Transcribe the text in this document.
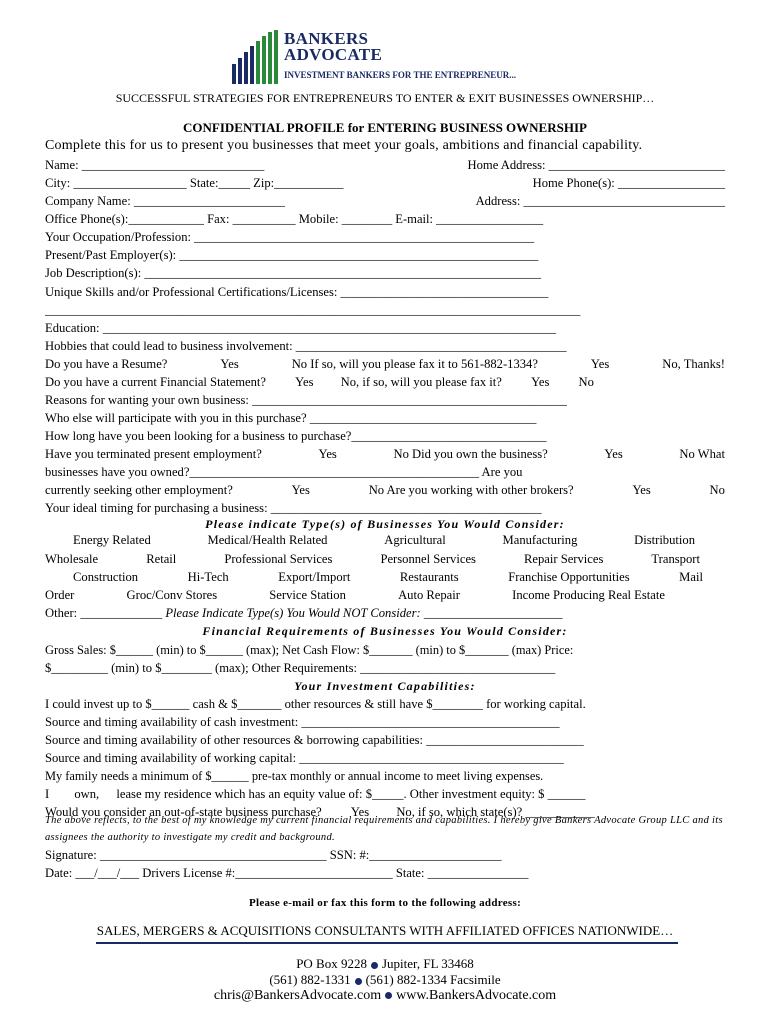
BANKERS
ADVOCATE
INVESTMENT BANKERS FOR THE ENTREPRENEUR...
SUCCESSFUL STRATEGIES FOR ENTREPRENEURS TO ENTER & EXIT BUSINESSES OWNERSHIP…
CONFIDENTIAL PROFILE for ENTERING BUSINESS OWNERSHIP
Complete this for us to present you businesses that meet your goals, ambitions and financial capability.
Name: _____________________________	Home Address: ____________________________
City: __________________ State:_____ Zip:___________	Home Phone(s): _________________
Company Name: ________________________	Address: ________________________________
Office Phone(s):____________ Fax: __________ Mobile: ________ E-mail: _________________
Your Occupation/Profession: ______________________________________________________
Present/Past Employer(s): _________________________________________________________
Job Description(s): _______________________________________________________________
Unique Skills and/or Professional Certifications/Licenses: _________________________________
_____________________________________________________________________________________
Education: ________________________________________________________________________
Hobbies that could lead to business involvement: ___________________________________________
Do you have a Resume?	Yes	No If so, will you please fax it to 561-882-1334?	Yes	No, Thanks!
Do you have a current Financial Statement? Yes No, if so, will you please fax it? Yes No
Reasons for wanting your own business: __________________________________________________
Who else will participate with you in this purchase? ____________________________________
How long have you been looking for a business to purchase?_______________________________
Have you terminated present employment?	Yes	No Did you own the business?	Yes	No What
businesses have you owned?______________________________________________ Are you
currently seeking other employment?	Yes	No Are you working with other brokers?	Yes	No
Your ideal timing for purchasing a business: ___________________________________________
Please indicate Type(s) of Businesses You Would Consider:
Energy Related	Medical/Health Related	Agricultural	Manufacturing	Distribution
Wholesale	Retail	Professional Services	Personnel Services	Repair Services	Transport
Construction	Hi-Tech	Export/Import	Restaurants	Franchise Opportunities	Mail
Order	Groc/Conv Stores	Service Station	Auto Repair	Income Producing Real Estate
Other: _____________ Please Indicate Type(s) You Would NOT Consider: ______________________
Financial Requirements of Businesses You Would Consider:
Gross Sales: $______ (min) to $______ (max); Net Cash Flow: $_______ (min) to $_______ (max) Price:
$_________ (min) to $________ (max); Other Requirements: _______________________________
Your Investment Capabilities:
I could invest up to $______ cash & $_______ other resources & still have $________ for working capital.
Source and timing availability of cash investment: _________________________________________
Source and timing availability of other resources & borrowing capabilities: _________________________
Source and timing availability of working capital: __________________________________________
My family needs a minimum of $______ pre-tax monthly or annual income to meet living expenses.
I own, lease my residence which has an equity value of: $_____. Other investment equity: $ ______
Would you consider an out-of-state business purchase? Yes No, if so, which state(s)? ___________
The above reflects, to the best of my knowledge my current financial requirements and capabilities. I hereby give Bankers Advocate Group LLC and its assignees the authority to investigate my credit and background.
Signature: ____________________________________ SSN: #:_____________________
Date: ___/___/___ Drivers License #:_________________________ State: ________________
Please e-mail or fax this form to the following address:
SALES, MERGERS & ACQUISITIONS CONSULTANTS WITH AFFILIATED OFFICES NATIONWIDE…
PO Box 9228 Jupiter, FL 33468
(561) 882-1331 (561) 882-1334 Facsimile
chris@BankersAdvocate.com www.BankersAdvocate.com
